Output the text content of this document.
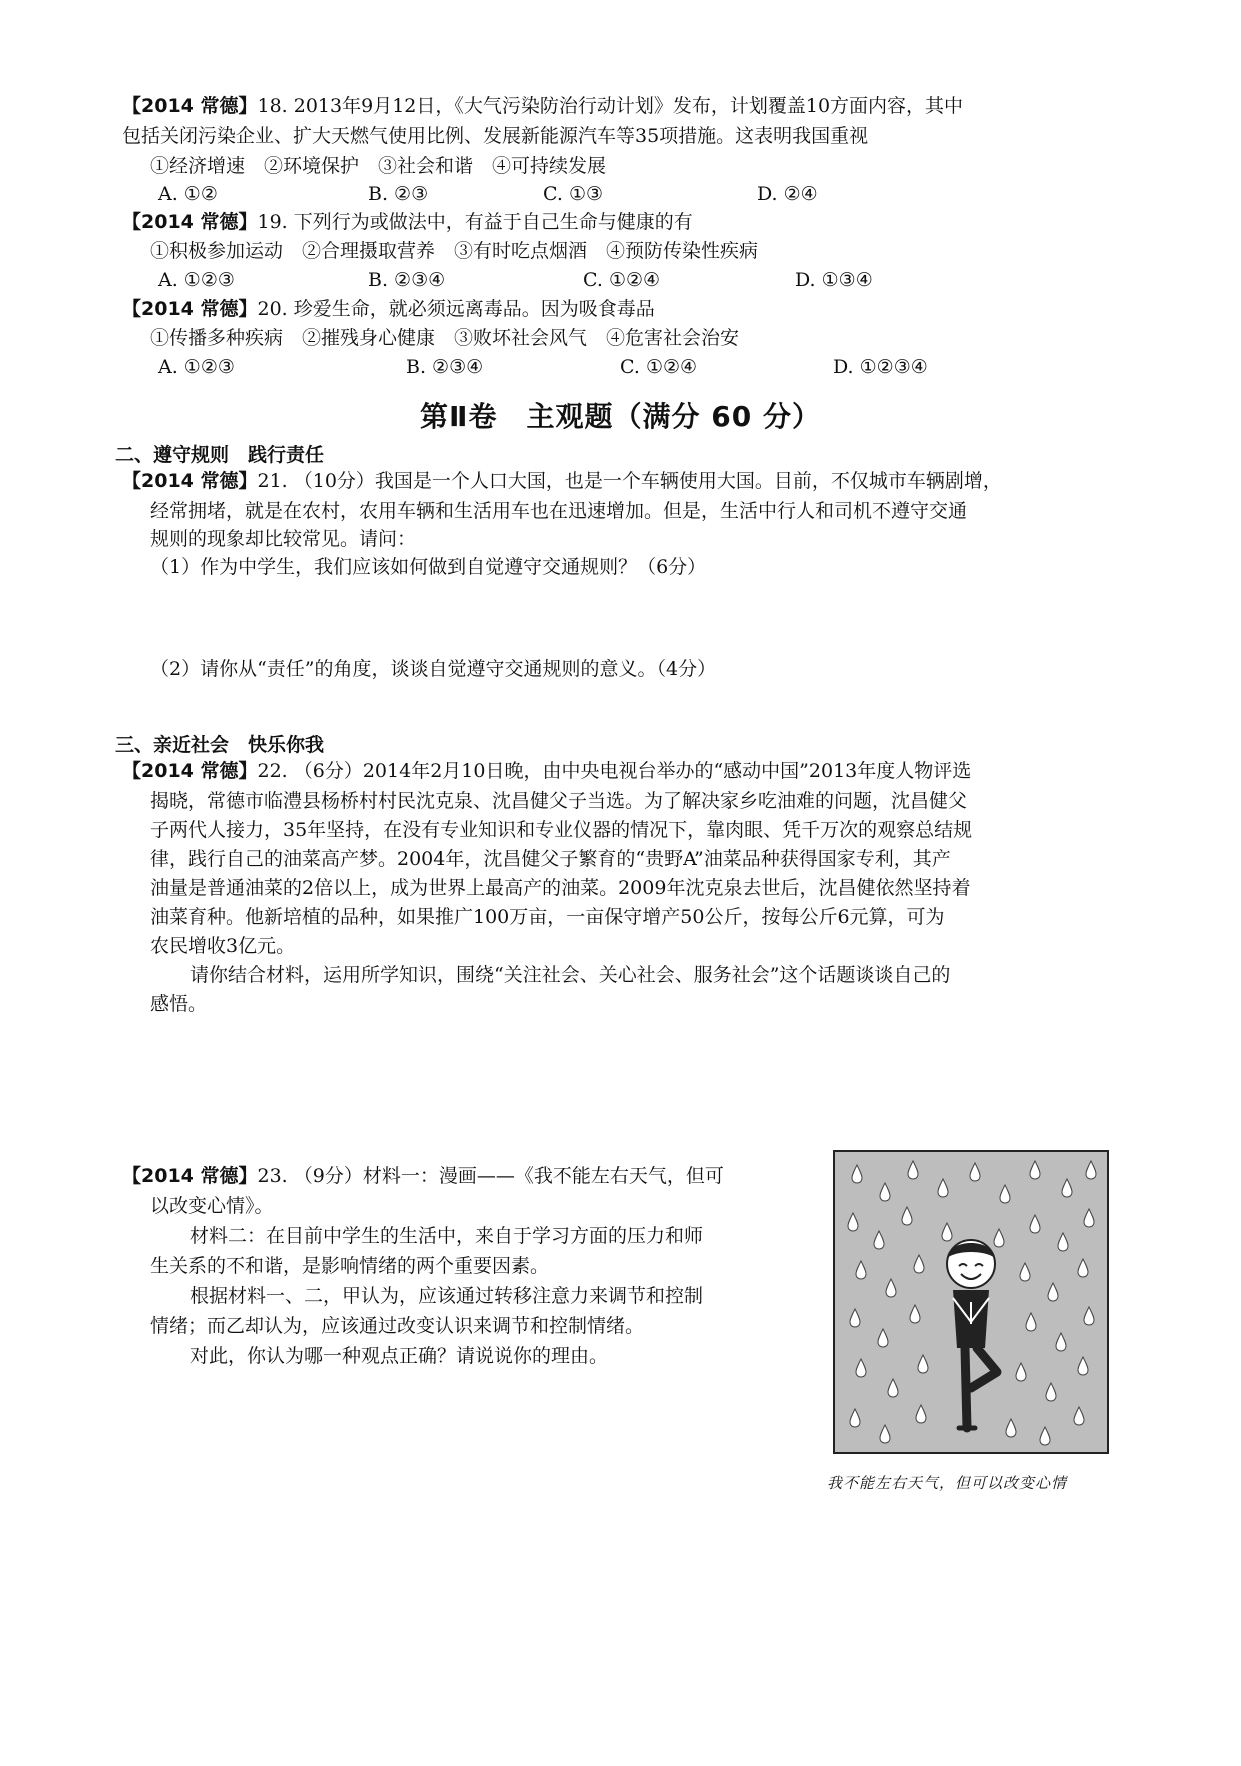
【2014 常德】18. 2013年9月12日，《大气污染防治行动计划》发布，计划覆盖10方面内容，其中
包括关闭污染企业、扩大天燃气使用比例、发展新能源汽车等35项措施。这表明我国重视
①经济增速　②环境保护　③社会和谐　④可持续发展
A. ①②	B. ②③	C. ①③	D. ②④
【2014 常德】19. 下列行为或做法中，有益于自己生命与健康的有
①积极参加运动　②合理摄取营养　③有时吃点烟酒　④预防传染性疾病
A. ①②③	B. ②③④	C. ①②④	D. ①③④
【2014 常德】20. 珍爱生命，就必须远离毒品。因为吸食毒品
①传播多种疾病　②摧残身心健康　③败坏社会风气　④危害社会治安
A. ①②③	B. ②③④	C. ①②④	D. ①②③④
第Ⅱ卷　主观题（满分 60 分）
二、遵守规则　践行责任
【2014 常德】21. （10分）我国是一个人口大国，也是一个车辆使用大国。目前，不仅城市车辆剧增，
经常拥堵，就是在农村，农用车辆和生活用车也在迅速增加。但是，生活中行人和司机不遵守交通
规则的现象却比较常见。请问：
（1）作为中学生，我们应该如何做到自觉遵守交通规则？（6分）
（2）请你从“责任”的角度，谈谈自觉遵守交通规则的意义。（4分）
三、亲近社会　快乐你我
【2014 常德】22. （6分）2014年2月10日晚，由中央电视台举办的“感动中国”2013年度人物评选
揭晓，常德市临澧县杨桥村村民沈克泉、沈昌健父子当选。为了解决家乡吃油难的问题，沈昌健父
子两代人接力，35年坚持，在没有专业知识和专业仪器的情况下，靠肉眼、凭千万次的观察总结规
律，践行自己的油菜高产梦。2004年，沈昌健父子繁育的“贵野A”油菜品种获得国家专利，其产
油量是普通油菜的2倍以上，成为世界上最高产的油菜。2009年沈克泉去世后，沈昌健依然坚持着
油菜育种。他新培植的品种，如果推广100万亩，一亩保守增产50公斤，按每公斤6元算，可为
农民增收3亿元。
请你结合材料，运用所学知识，围绕“关注社会、关心社会、服务社会”这个话题谈谈自己的
感悟。
【2014 常德】23. （9分）材料一：漫画——《我不能左右天气，但可
以改变心情》。
材料二：在目前中学生的生活中，来自于学习方面的压力和师
生关系的不和谐，是影响情绪的两个重要因素。
根据材料一、二，甲认为，应该通过转移注意力来调节和控制
情绪；而乙却认为，应该通过改变认识来调节和控制情绪。
对此，你认为哪一种观点正确？请说说你的理由。
我不能左右天气，但可以改变心情
